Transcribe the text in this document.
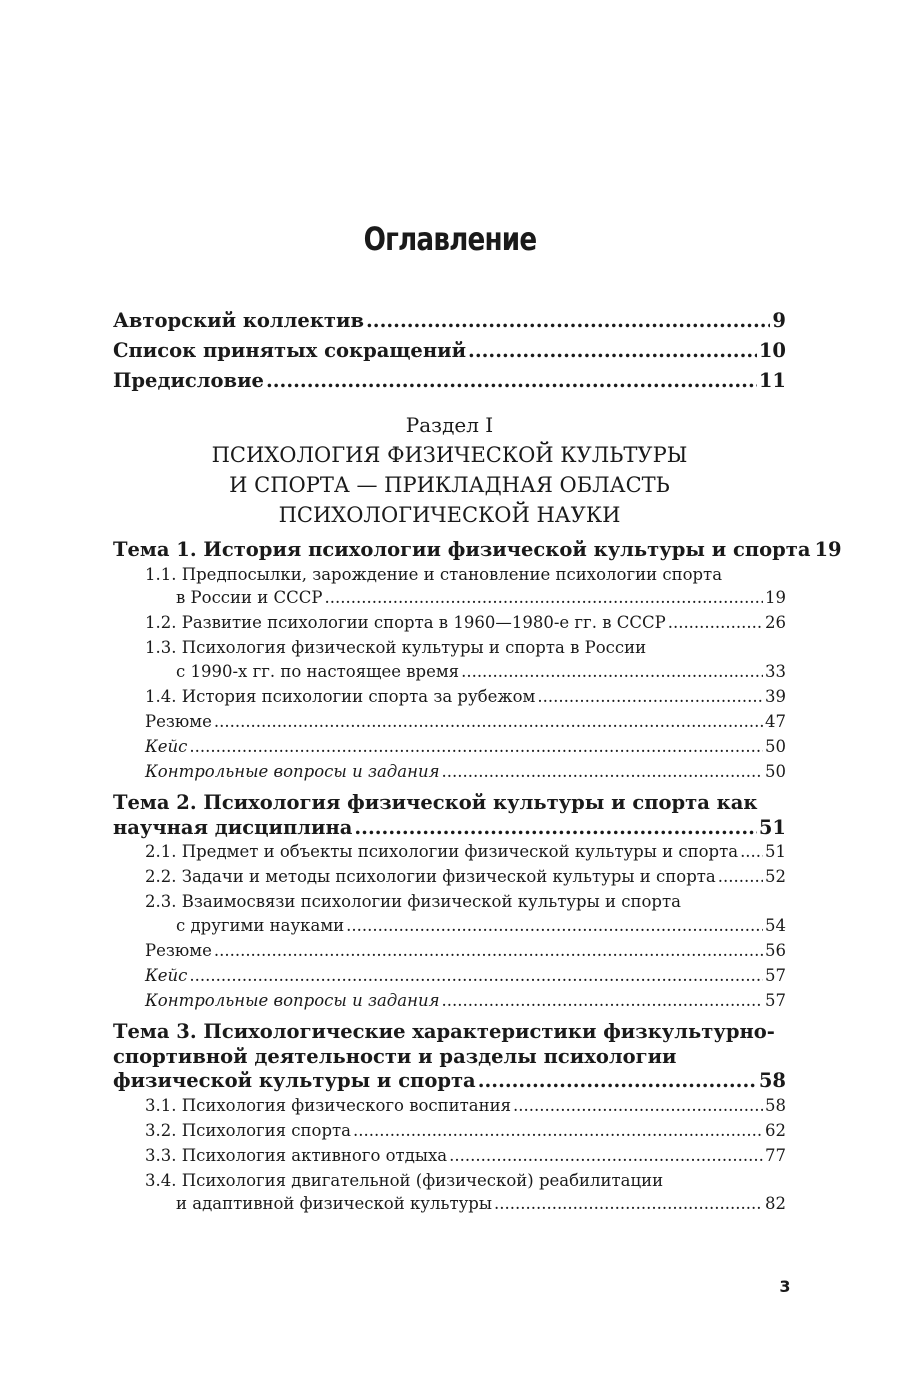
Оглавление
Авторский коллектив .....	9
Список принятых сокращений .....	10
Предисловие .....	11
Раздел I
ПСИХОЛОГИЯ ФИЗИЧЕСКОЙ КУЛЬТУРЫ
И СПОРТА — ПРИКЛАДНАЯ ОБЛАСТЬ
ПСИХОЛОГИЧЕСКОЙ НАУКИ
Тема 1. История психологии физической культуры и спорта 19
1.1. Предпосылки, зарождение и становление психологии спорта
в России и СССР .....	19
1.2. Развитие психологии спорта в 1960—1980-е гг. в СССР .....	26
1.3. Психология физической культуры и спорта в России
с 1990-х гг. по настоящее время .....	33
1.4. История психологии спорта за рубежом .....	39
Резюме .....	47
Кейс .....	50
Контрольные вопросы и задания .....	50
Тема 2. Психология физической культуры и спорта как
научная дисциплина .....	51
2.1. Предмет и объекты психологии физической культуры и спорта ..... 51
2.2. Задачи и методы психологии физической культуры и спорта .....	52
2.3. Взаимосвязи психологии физической культуры и спорта
с другими науками .....	54
Резюме .....	56
Кейс .....	57
Контрольные вопросы и задания .....	57
Тема 3. Психологические характеристики физкультурно-
спортивной деятельности и разделы психологии
физической культуры и спорта .....	58
3.1. Психология физического воспитания .....	58
3.2. Психология спорта .....	62
3.3. Психология активного отдыха .....	77
3.4. Психология двигательной (физической) реабилитации
и адаптивной физической культуры .....	82
3
